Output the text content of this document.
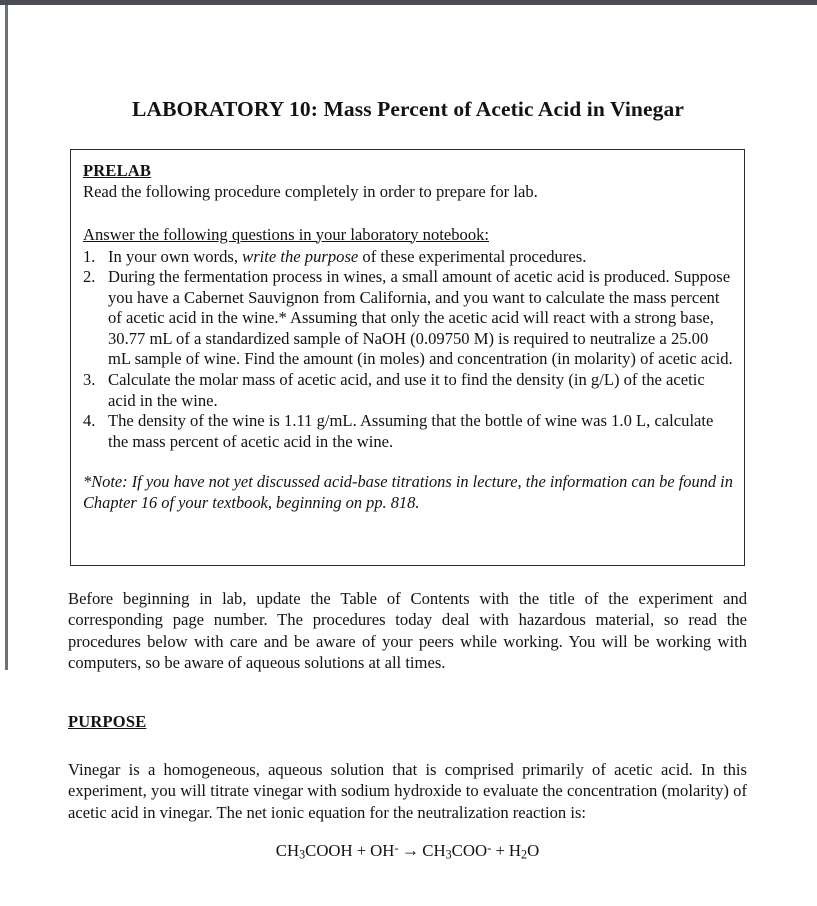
LABORATORY 10: Mass Percent of Acetic Acid in Vinegar
PRELAB
Read the following procedure completely in order to prepare for lab.
Answer the following questions in your laboratory notebook:
1. In your own words, write the purpose of these experimental procedures.
2. During the fermentation process in wines, a small amount of acetic acid is produced. Suppose you have a Cabernet Sauvignon from California, and you want to calculate the mass percent of acetic acid in the wine.* Assuming that only the acetic acid will react with a strong base, 30.77 mL of a standardized sample of NaOH (0.09750 M) is required to neutralize a 25.00 mL sample of wine. Find the amount (in moles) and concentration (in molarity) of acetic acid.
3. Calculate the molar mass of acetic acid, and use it to find the density (in g/L) of the acetic acid in the wine.
4. The density of the wine is 1.11 g/mL. Assuming that the bottle of wine was 1.0 L, calculate the mass percent of acetic acid in the wine.
*Note: If you have not yet discussed acid-base titrations in lecture, the information can be found in Chapter 16 of your textbook, beginning on pp. 818.
Before beginning in lab, update the Table of Contents with the title of the experiment and corresponding page number. The procedures today deal with hazardous material, so read the procedures below with care and be aware of your peers while working. You will be working with computers, so be aware of aqueous solutions at all times.
PURPOSE
Vinegar is a homogeneous, aqueous solution that is comprised primarily of acetic acid. In this experiment, you will titrate vinegar with sodium hydroxide to evaluate the concentration (molarity) of acetic acid in vinegar. The net ionic equation for the neutralization reaction is:
$CH_3COOH + OH^- \to CH_3COO^- + H_2O$
